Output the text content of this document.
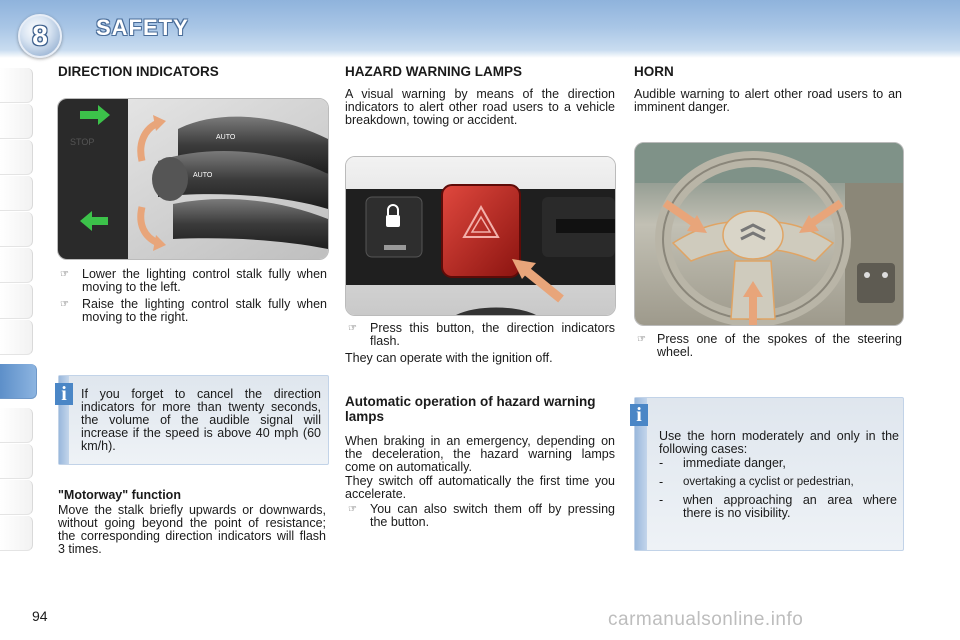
8 SAFETY
DIRECTION INDICATORS
STOP	AUTO
AUTO
☞	Lower the lighting control stalk fully when moving to the left.
☞	Raise the lighting control stalk fully when moving to the right.

If you forget to cancel the direction indicators for more than twenty seconds, the volume of the audible signal will increase if the speed is above 40 mph (60 km/h).

i
"Motorway" function

Move the stalk briefly upwards or downwards, without going beyond the point of resistance; the corresponding direction indicators will flash 3 times.

HAZARD WARNING LAMPS

A visual warning by means of the direction indicators to alert other road users to a vehicle breakdown, towing or accident.

☞	Press this button, the direction indicators flash.

They can operate with the ignition off.

Automatic operation of hazard warning lamps

When braking in an emergency, depending on the deceleration, the hazard warning lamps come on automatically.

They switch off automatically the first time you accelerate.

☞	You can also switch them off by pressing the button.
HORN

Audible warning to alert other road users to an imminent danger.

☞ Press one of the spokes of the steering wheel.

Use the horn moderately and only in the following cases:

- immediate danger,
- overtaking a cyclist or pedestrian,
- when approaching an area where there is no visibility.
i
94	carmanualsonline.info
